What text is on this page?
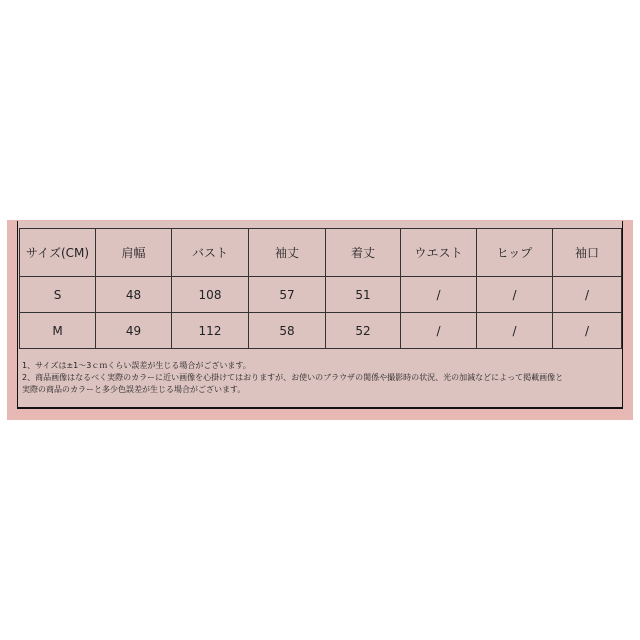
サイズ(CM)	肩幅	バスト	袖丈	着丈	ウエスト	ヒップ	袖口
S	48	108	57	51	/	/	/
M	49	112	58	52	/	/	/
1、サイズは±1～3ｃｍくらい誤差が生じる場合がございます。
2、商品画像はなるべく実際のカラーに近い画像を心掛けてはおりますが、お使いのブラウザの関係や撮影時の状況、光の加減などによって掲載画像と
実際の商品のカラーと多少色誤差が生じる場合がございます。
